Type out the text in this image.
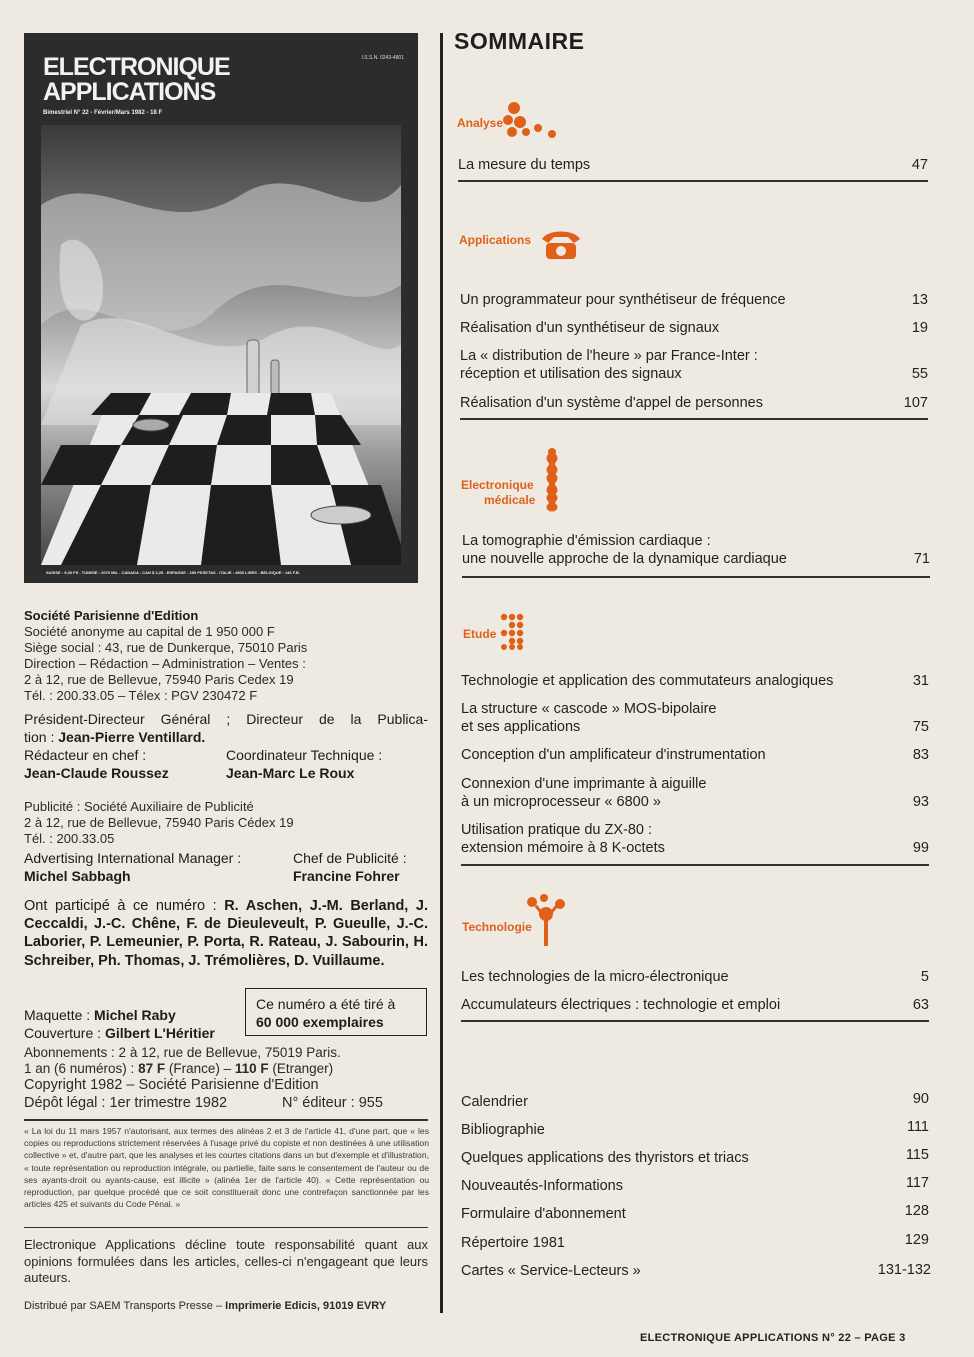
ELECTRONIQUE
APPLICATIONS
I.S.S.N. 0243-4801
Bimestriel N° 22 - Février/Mars 1982 - 18 F
SUISSE : 9,00 FS - TUNISIE : 2070 MIL - CANADA : CAN $ 3,25 - ESPAGNE : 250 PESETAS - ITALIE : 4800 LIRES - BELGIQUE : 146 F.B.
Société Parisienne d'Edition
Société anonyme au capital de 1 950 000 F
Siège social : 43, rue de Dunkerque, 75010 Paris
Direction – Rédaction – Administration – Ventes :
2 à 12, rue de Bellevue, 75940 Paris Cedex 19
Tél. : 200.33.05 – Télex : PGV 230472 F
Président-Directeur Général ; Directeur de la Publica-
tion : Jean-Pierre Ventillard.
Rédacteur en chef :
Jean-Claude Roussez
Coordinateur Technique :
Jean-Marc Le Roux
Publicité : Société Auxiliaire de Publicité
2 à 12, rue de Bellevue, 75940 Paris Cédex 19
Tél. : 200.33.05
Advertising International Manager :
Michel Sabbagh
Chef de Publicité :
Francine Fohrer
Ont participé à ce numéro : R. Aschen, J.-M. Berland, J. Ceccaldi, J.-C. Chêne, F. de Dieuleveult, P. Gueulle, J.-C. Laborier, P. Lemeunier, P. Porta, R. Rateau, J. Sabourin, H. Schreiber, Ph. Thomas, J. Trémolières, D. Vuillaume.
Maquette : Michel Raby
Couverture : Gilbert L'Héritier
Ce numéro a été tiré à
60 000 exemplaires
Abonnements : 2 à 12, rue de Bellevue, 75019 Paris.
1 an (6 numéros) : 87 F (France) – 110 F (Etranger)
Copyright 1982 – Société Parisienne d'Edition
Dépôt légal : 1er trimestre 1982	N° éditeur : 955
« La loi du 11 mars 1957 n'autorisant, aux termes des alinéas 2 et 3 de l'article 41, d'une part, que « les copies ou reproductions strictement réservées à l'usage privé du copiste et non destinées à une utilisation collective » et, d'autre part, que les analyses et les courtes citations dans un but d'exemple et d'illustration, « toute représentation ou reproduction intégrale, ou partielle, faite sans le consentement de l'auteur ou de ses ayants-droit ou ayants-cause, est illicite » (alinéa 1er de l'article 40). « Cette représentation ou reproduction, par quelque procédé que ce soit constituerait donc une contrefaçon sanctionnée par les articles 425 et suivants du Code Pénal. »
Electronique Applications décline toute responsabilité quant aux opinions formulées dans les articles, celles-ci n'engageant que leurs auteurs.
Distribué par SAEM Transports Presse – Imprimerie Edicis, 91019 EVRY
SOMMAIRE
Analyse
La mesure du temps	47
Applications
Un programmateur pour synthétiseur de fréquence	13
Réalisation d'un synthétiseur de signaux	19
La « distribution de l'heure » par France-Inter :
réception et utilisation des signaux	55
Réalisation d'un système d'appel de personnes	107
Electronique
médicale
La tomographie d'émission cardiaque :
une nouvelle approche de la dynamique cardiaque	71
Etude
Technologie et application des commutateurs analogiques	31
La structure « cascode » MOS-bipolaire
et ses applications	75
Conception d'un amplificateur d'instrumentation	83
Connexion d'une imprimante à aiguille
à un microprocesseur « 6800 »	93
Utilisation pratique du ZX-80 :
extension mémoire à 8 K-octets	99
Technologie
Les technologies de la micro-électronique	5
Accumulateurs électriques : technologie et emploi	63
Calendrier	90
Bibliographie	111
Quelques applications des thyristors et triacs	115
Nouveautés-Informations	117
Formulaire d'abonnement	128
Répertoire 1981	129
Cartes « Service-Lecteurs »	131-132
ELECTRONIQUE APPLICATIONS N° 22 – PAGE 3
